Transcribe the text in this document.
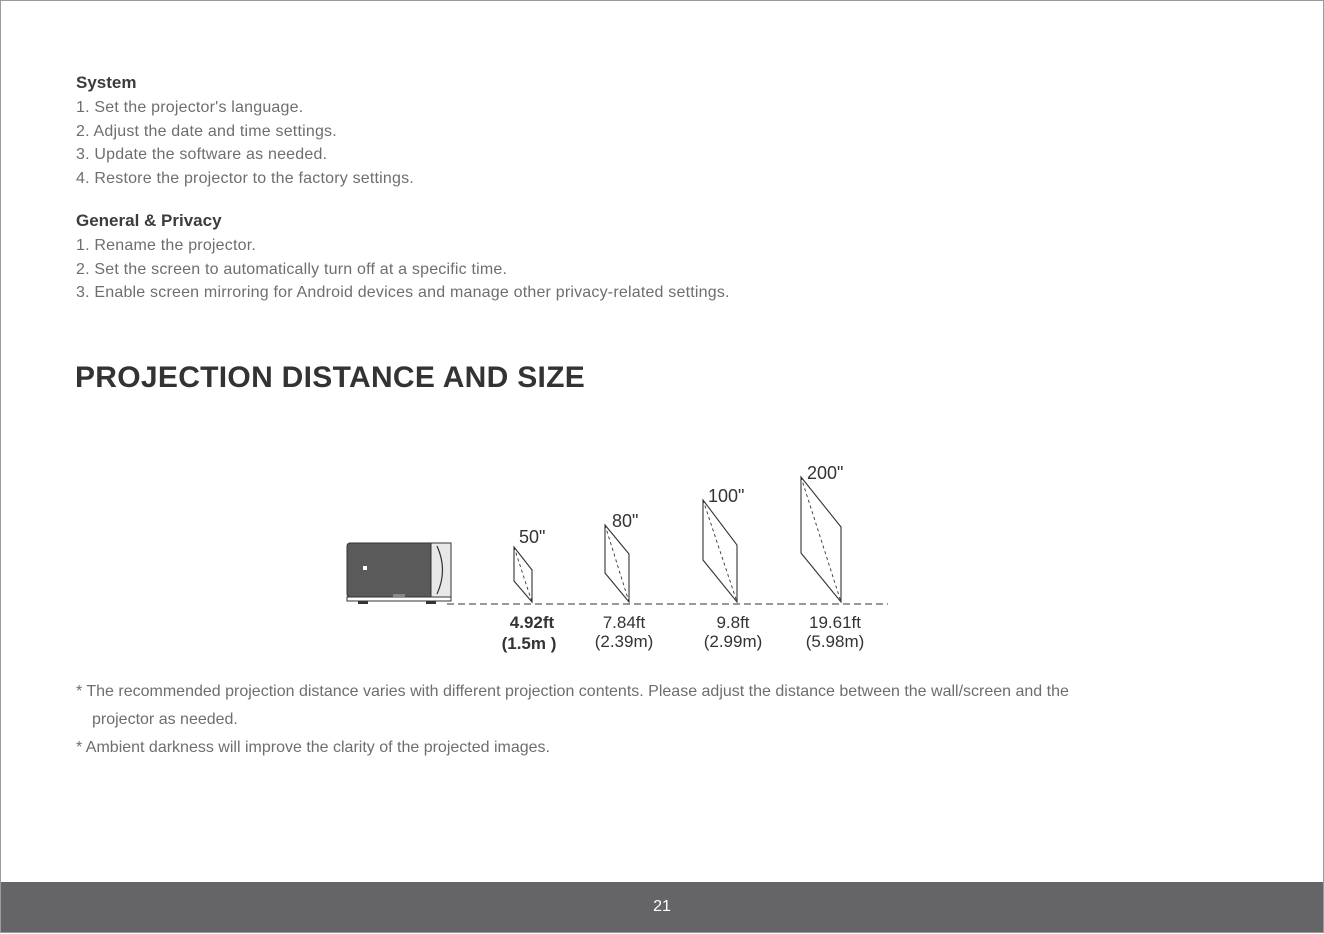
System
1. Set the projector's language.
2. Adjust the date and time settings.
3. Update the software as needed.
4. Restore the projector to the factory settings.
General & Privacy
1. Rename the projector.
2. Set the screen to automatically turn off at a specific time.
3. Enable screen mirroring for Android devices and manage other privacy-related settings.
PROJECTION DISTANCE AND SIZE
50"
80"
100"
200"
4.92ft
(1.5m )
7.84ft
(2.39m)
9.8ft
(2.99m)
19.61ft
(5.98m)

* The recommended projection distance varies with different projection contents. Please adjust the distance between the wall/screen and the
projector as needed.

* Ambient darkness will improve the clarity of the projected images.

21
